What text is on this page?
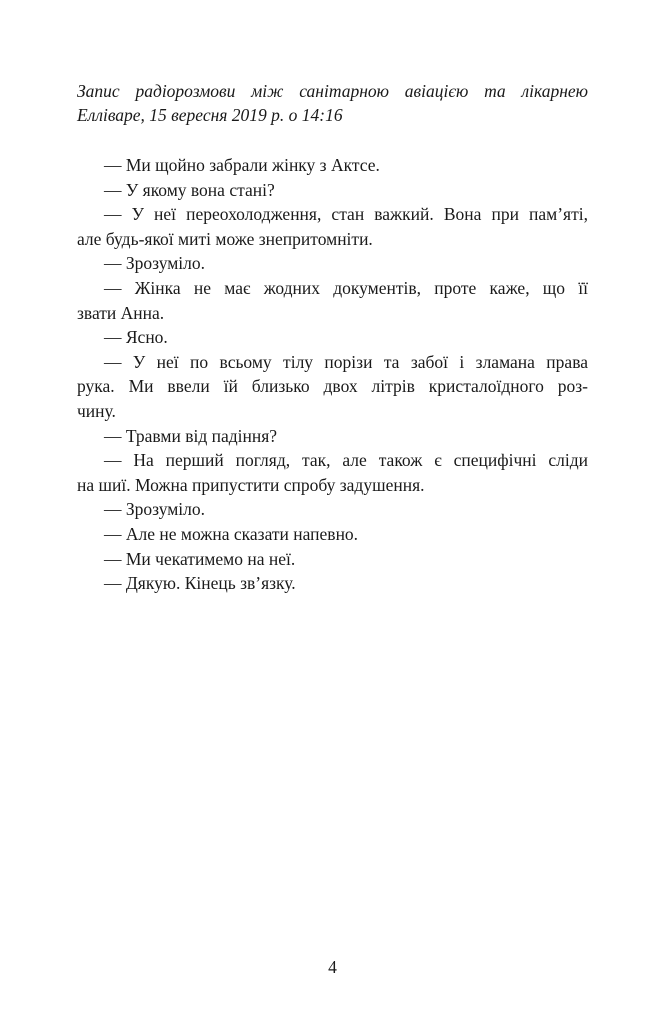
Запис радіорозмови між санітарною авіацією та лікарнею
Елліваре, 15 вересня 2019 р. о 14:16
— Ми щойно забрали жінку з Актсе.
— У якому вона стані?
— У неї переохолодження, стан важкий. Вона при пам’яті,
але будь-якої миті може знепритомніти.
— Зрозуміло.
— Жінка не має жодних документів, проте каже, що її
звати Анна.
— Ясно.
— У неї по всьому тілу порізи та забої і зламана права
рука. Ми ввели їй близько двох літрів кристалоїдного роз-
чину.
— Травми від падіння?
— На перший погляд, так, але також є специфічні сліди
на шиї. Можна припустити спробу задушення.
— Зрозуміло.
— Але не можна сказати напевно.
— Ми чекатимемо на неї.
— Дякую. Кінець зв’язку.
4
